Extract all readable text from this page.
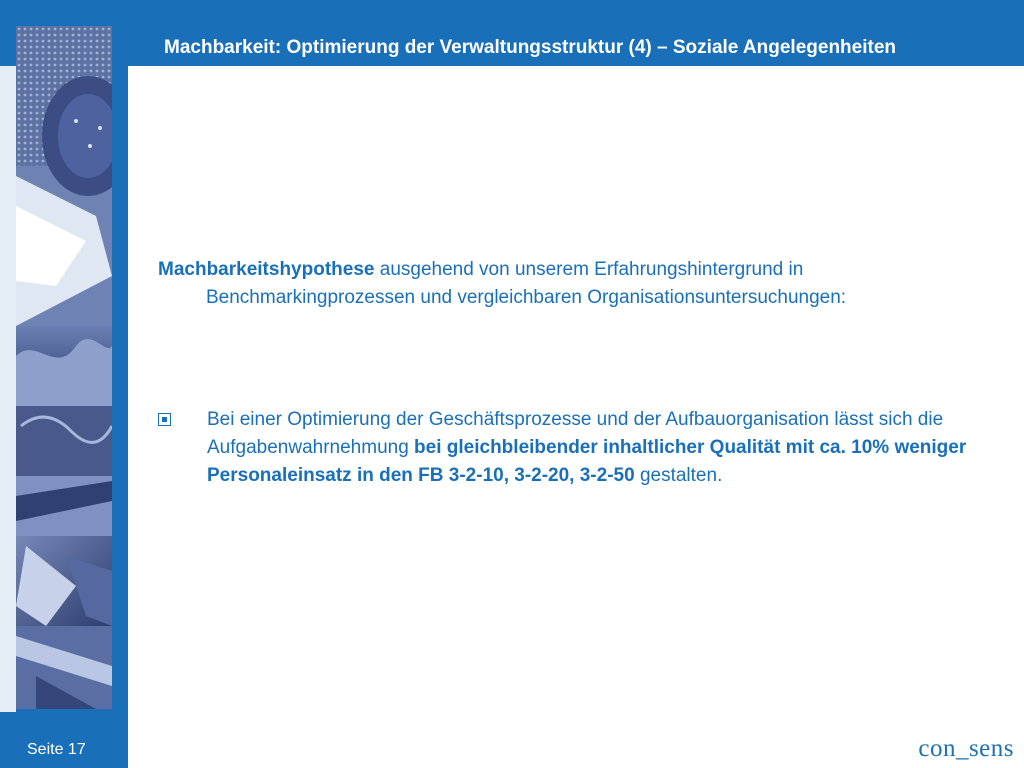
Machbarkeit: Optimierung der Verwaltungsstruktur (4) – Soziale Angelegenheiten

Machbarkeitshypothese ausgehend von unserem Erfahrungshintergrund in Benchmarkingprozessen und vergleichbaren Organisationsuntersuchungen:

Bei einer Optimierung der Geschäftsprozesse und der Aufbauorganisation lässt sich die Aufgabenwahrnehmung bei gleichbleibender inhaltlicher Qualität mit ca. 10% weniger Personaleinsatz in den FB 3-2-10, 3-2-20, 3-2-50 gestalten.
Seite 17	con_sens
